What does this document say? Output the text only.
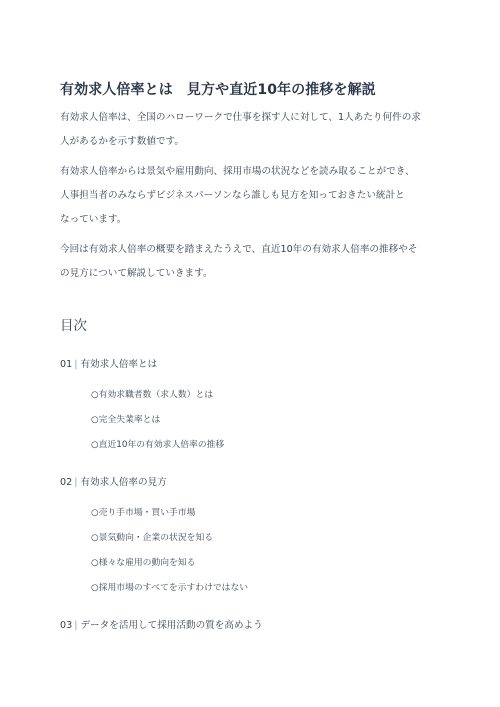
有効求人倍率とは　見方や直近10年の推移を解説
有効求人倍率は、全国のハローワークで仕事を探す人に対して、1人あたり何件の求
人があるかを示す数値です。
有効求人倍率からは景気や雇用動向、採用市場の状況などを読み取ることができ、
人事担当者のみならずビジネスパーソンなら誰しも見方を知っておきたい統計と
なっています。
今回は有効求人倍率の概要を踏まえたうえで、直近10年の有効求人倍率の推移やそ
の見方について解説していきます。
目次
01 | 有効求人倍率とは
○有効求職者数（求人数）とは
○完全失業率とは
○直近10年の有効求人倍率の推移
02 | 有効求人倍率の見方
○売り手市場・買い手市場
○景気動向・企業の状況を知る
○様々な雇用の動向を知る
○採用市場のすべてを示すわけではない
03 | データを活用して採用活動の質を高めよう
